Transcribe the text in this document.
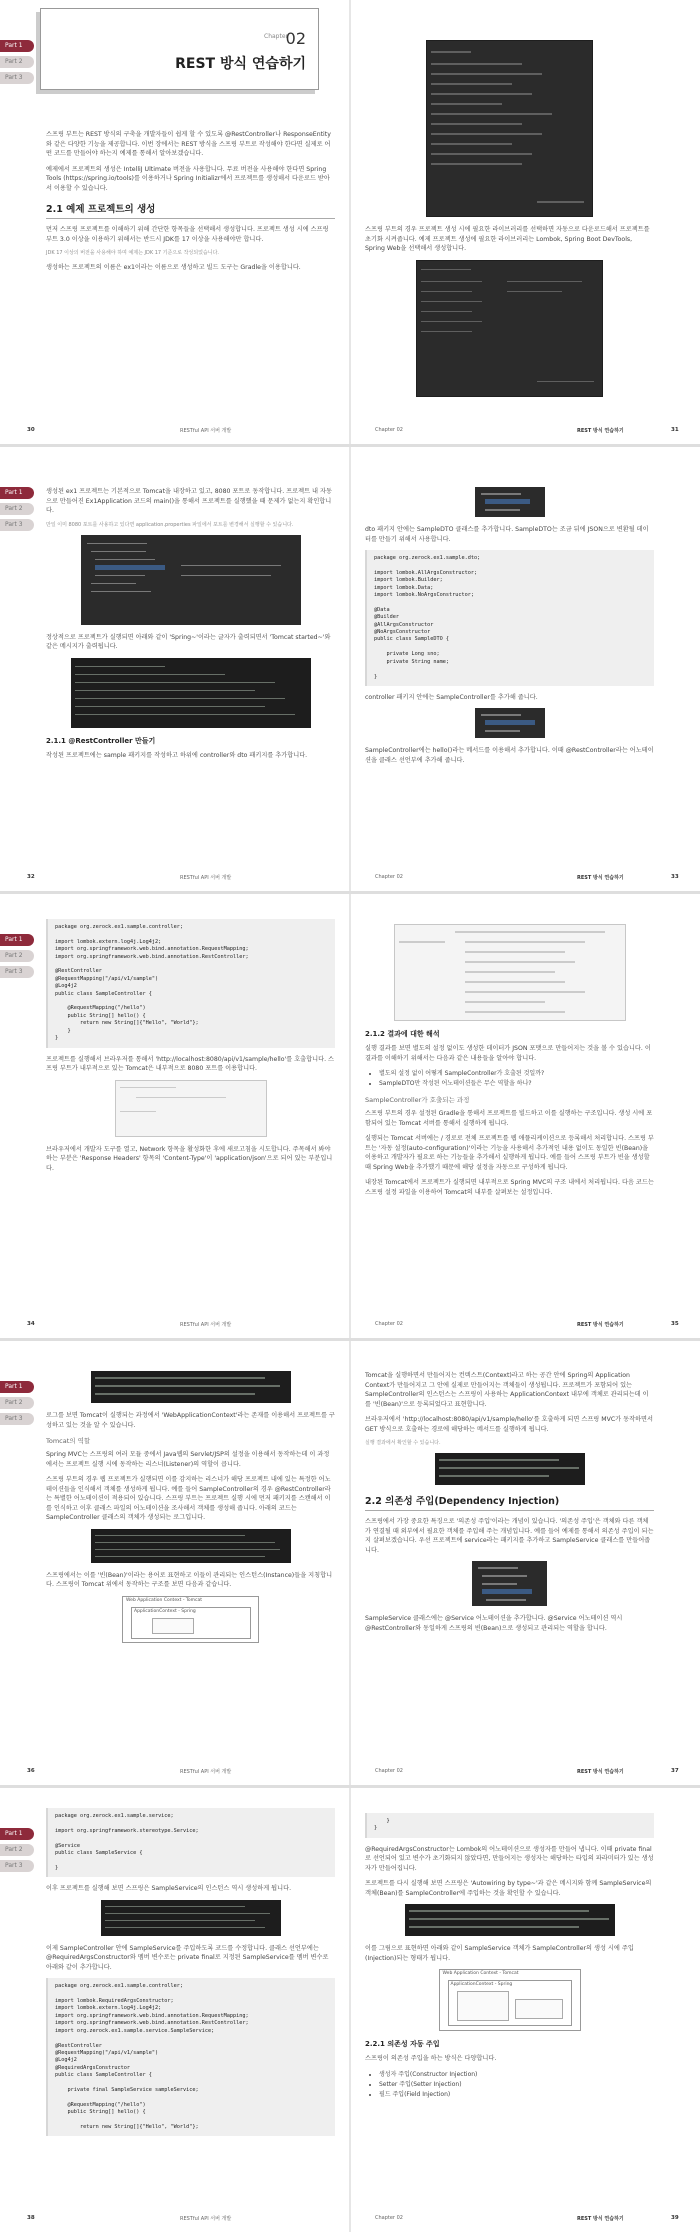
Part 1
Part 2
Part 3
Chapter
02
REST 방식 연습하기

스프링 부트는 REST 방식의 구축을 개발자들이 쉽게 할 수 있도록 @RestController나 ResponseEntity와 같은 다양한 기능을 제공합니다. 이번 장에서는 REST 방식을 스프링 부트로 작성해야 한다면 실제로 어떤 코드를 만들어야 하는지 예제를 통해서 알아보겠습니다.

예제에서 프로젝트의 생성은 IntelliJ Ultimate 버전을 사용합니다. 무료 버전을 사용해야 한다면 Spring Tools (https://spring.io/tools)를 이용하거나 Spring Initializr에서 프로젝트를 생성해서 다운로드 받아서 이용할 수 있습니다.

2.1 예제 프로젝트의 생성

먼저 스프링 프로젝트를 이해하기 위해 간단한 항목들을 선택해서 생성합니다. 프로젝트 생성 시에 스프링 부트 3.0 이상을 이용하기 위해서는 반드시 JDK를 17 이상을 사용해야만 합니다.

JDK 17 이상의 버전을 사용해야 하며 예제는 JDK 17 기준으로 작성되었습니다.

생성하는 프로젝트의 이름은 ex1이라는 이름으로 생성하고 빌드 도구는 Gradle을 이용합니다.

30	RESTful API 서버 개발

스프링 부트의 경우 프로젝트 생성 시에 필요한 라이브러리를 선택하면 자동으로 다운로드해서 프로젝트를 초기화 시켜줍니다. 예제 프로젝트 생성에 필요한 라이브러리는 Lombok, Spring Boot DevTools, Spring Web을 선택해서 생성합니다.

Chapter 02	REST 방식 연습하기	31
Part 1
Part 2
Part 3

생성된 ex1 프로젝트는 기본적으로 Tomcat을 내장하고 있고, 8080 포트로 동작합니다. 프로젝트 내 자동으로 만들어진 Ex1Application 코드의 main()을 통해서 프로젝트를 실행했을 때 문제가 없는지 확인합니다.

만일 이미 8080 포트를 사용하고 있다면 application.properties 파일에서 포트를 변경해서 실행할 수 있습니다.

정상적으로 프로젝트가 실행되면 아래와 같이 'Spring~'이라는 글자가 출력되면서 'Tomcat started~'와 같은 메시지가 출력됩니다.

2.1.1 @RestController 만들기

작성된 프로젝트에는 sample 패키지를 작성하고 하위에 controller와 dto 패키지를 추가합니다.

32	RESTful API 서버 개발

dto 패키지 안에는 SampleDTO 클래스를 추가합니다. SampleDTO는 조금 뒤에 JSON으로 변환될 데이터를 만들기 위해서 사용합니다.

package org.zerock.ex1.sample.dto;

import lombok.AllArgsConstructor;
import lombok.Builder;
import lombok.Data;
import lombok.NoArgsConstructor;

@Data
@Builder
@AllArgsConstructor
@NoArgsConstructor
public class SampleDTO {

private Long sno;
private String name;

}

controller 패키지 안에는 SampleController를 추가해 줍니다.

SampleController에는 hello()라는 메서드를 이용해서 추가합니다. 이때 @RestController라는 어노테이션을 클래스 선언부에 추가해 줍니다.

Chapter 02	REST 방식 연습하기	33
Part 1
Part 2
Part 3
package org.zerock.ex1.sample.controller;

import lombok.extern.log4j.Log4j2;
import org.springframework.web.bind.annotation.RequestMapping;
import org.springframework.web.bind.annotation.RestController;

@RestController
@RequestMapping("/api/v1/sample")
@Log4j2
public class SampleController {

@RequestMapping("/hello")
public String[] hello() {
return new String[]{"Hello", "World"};
}
}

프로젝트를 실행해서 브라우저를 통해서 'http://localhost:8080/api/v1/sample/hello'를 호출합니다. 스프링 부트가 내부적으로 있는 Tomcat은 내부적으로 8080 포트를 이용합니다.

브라우저에서 개발자 도구를 열고, Network 항목을 활성화한 후에 새로고침을 시도합니다. 주목해서 봐야 하는 부분은 'Response Headers' 항목의 'Content-Type'이 'application/json'으로 되어 있는 부분입니다.

34	RESTful API 서버 개발
2.1.2 결과에 대한 해석

실행 결과를 보면 별도의 설정 없이도 생성한 데이터가 JSON 포맷으로 만들어지는 것을 볼 수 있습니다. 이 결과를 이해하기 위해서는 다음과 같은 내용들을 알아야 합니다.

• 별도의 설정 없이 어떻게 SampleController가 호출된 것일까?
• SampleDTO만 작성된 어노테이션들은 무슨 역할을 하나?
SampleController가 호출되는 과정

스프링 부트의 경우 설정된 Gradle을 통해서 프로젝트를 빌드하고 이를 실행하는 구조입니다. 생성 시에 포함되어 있는 Tomcat 서버를 통해서 실행하게 됩니다.

실행되는 Tomcat 서버에는 / 경로로 전체 프로젝트를 웹 애플리케이션으로 등록해서 처리합니다. 스프링 부트는 '자동 설정(auto-configuration)'이라는 기능을 사용해서 추가적인 내용 없이도 동일한 빈(Bean)을 이용하고 개발자가 필요로 하는 기능들을 추가해서 실행하게 됩니다. 예를 들어 스프링 부트가 빈을 생성할 때 Spring Web을 추가했기 때문에 해당 설정을 자동으로 구성하게 됩니다.

내장된 Tomcat에서 프로젝트가 실행되면 내부적으로 Spring MVC의 구조 내에서 처리됩니다. 다음 코드는 스프링 설정 파일을 이용하여 Tomcat의 내부를 살펴보는 설정입니다.

Chapter 02	REST 방식 연습하기	35
Part 1
Part 2
Part 3	로그를 보면 Tomcat이 실행되는 과정에서 'WebApplicationContext'라는 존재를 이용해서 프로젝트를 구성하고 있는 것을 알 수 있습니다.

Tomcat의 역할

Spring MVC는 스프링의 여러 모듈 중에서 Java웹의 Servlet/JSP의 설정을 이용해서 동작하는데 이 과정에서는 프로젝트 실행 시에 동작하는 리스너(Listener)의 역할이 큽니다.

스프링 부트의 경우 웹 프로젝트가 실행되면 이를 감지하는 리스너가 해당 프로젝트 내에 있는 특정한 어노테이션들을 인식해서 객체를 생성하게 됩니다. 예를 들어 SampleController의 경우 @RestController라는 특별한 어노테이션이 적용되어 있습니다. 스프링 부트는 프로젝트 실행 시에 먼저 패키지를 스캔해서 이를 인식하고 이후 클래스 파일의 어노테이션을 조사해서 객체를 생성해 줍니다. 아래의 코드는 SampleController 클래스의 객체가 생성되는 로그입니다.

스프링에서는 이를 '빈(Bean)'이라는 용어로 표현하고 이들이 관리되는 인스턴스(Instance)들을 지칭합니다. 스프링이 Tomcat 위에서 동작하는 구조를 보면 다음과 같습니다.

Web Application Context - Tomcat
ApplicationContext - Spring
36	RESTful API 서버 개발

Tomcat을 실행하면서 만들어지는 컨텍스트(Context)라고 하는 공간 안에 Spring의 Application Context가 만들어지고 그 안에 실제로 만들어지는 객체들이 생성됩니다. 프로젝트가 포함되어 있는 SampleController의 인스턴스는 스프링이 사용하는 ApplicationContext 내부에 객체로 관리되는데 이를 '빈(Bean)'으로 등록되었다고 표현합니다.

브라우저에서 'http://localhost:8080/api/v1/sample/hello'를 호출하게 되면 스프링 MVC가 동작하면서 GET 방식으로 호출하는 경로에 해당하는 메서드를 실행하게 됩니다.

실행 결과에서 확인할 수 있습니다.

2.2 의존성 주입(Dependency Injection)

스프링에서 가장 중요한 특징으로 '의존성 주입'이라는 개념이 있습니다. '의존성 주입'은 객체와 다른 객체가 연결될 때 외부에서 필요한 객체를 주입해 주는 개념입니다. 예를 들어 예제를 통해서 의존성 주입이 되는지 살펴보겠습니다. 우선 프로젝트에 service라는 패키지를 추가하고 SampleService 클래스를 만들어줍니다.

SampleService 클래스에는 @Service 어노테이션을 추가합니다. @Service 어노테이션 역시 @RestController와 동일하게 스프링의 빈(Bean)으로 생성되고 관리되는 역할을 합니다.

Chapter 02	REST 방식 연습하기	37
Part 1
Part 2
Part 3
package org.zerock.ex1.sample.service;

import org.springframework.stereotype.Service;

@Service
public class SampleService {

}

이후 프로젝트를 실행해 보면 스프링은 SampleService의 인스턴스 역시 생성하게 됩니다.

이제 SampleController 안에 SampleService를 주입하도록 코드를 수정합니다. 클래스 선언부에는 @RequiredArgsConstructor와 멤버 변수로는 private final로 지정된 SampleService를 멤버 변수로 아래와 같이 추가합니다.

package org.zerock.ex1.sample.controller;

import lombok.RequiredArgsConstructor;
import lombok.extern.log4j.Log4j2;
import org.springframework.web.bind.annotation.RequestMapping;
import org.springframework.web.bind.annotation.RestController;
import org.zerock.ex1.sample.service.SampleService;

@RestController
@RequestMapping("/api/v1/sample")
@Log4j2
@RequiredArgsConstructor
public class SampleController {

private final SampleService sampleService;

@RequestMapping("/hello")
public String[] hello() {

return new String[]{"Hello", "World"};
38	RESTful API 서버 개발
}
}

@RequiredArgsConstructor는 Lombok의 어노테이션으로 생성자를 만들어 냅니다. 이때 private final로 선언되어 있고 변수가 초기화되지 않았다면, 만들어지는 생성자는 해당하는 타입의 파라미터가 있는 생성자가 만들어집니다.

프로젝트를 다시 실행해 보면 스프링은 'Autowiring by type~'과 같은 메시지와 함께 SampleService의 객체(Bean)를 SampleController에 주입하는 것을 확인할 수 있습니다.

이를 그림으로 표현하면 아래와 같이 SampleService 객체가 SampleController의 생성 시에 주입(Injection)되는 형태가 됩니다.

Web Application Context - Tomcat
ApplicationContext - Spring
2.2.1 의존성 자동 주입

스프링이 의존성 주입을 하는 방식은 다양합니다.

• 생성자 주입(Constructor Injection)
• Setter 주입(Setter Injection)
• 필드 주입(Field Injection)
Chapter 02	REST 방식 연습하기	39
